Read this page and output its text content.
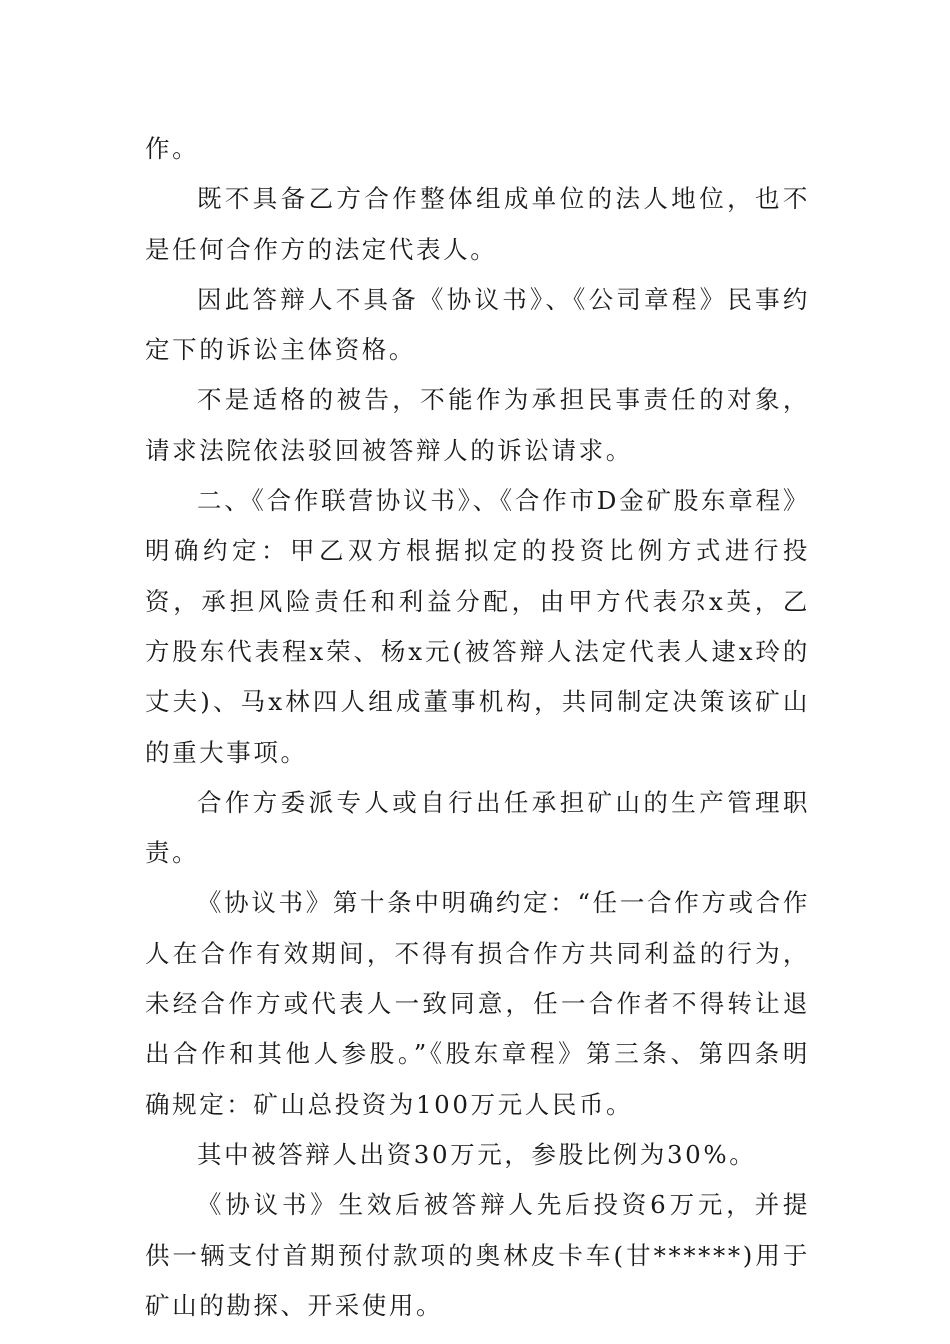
作。

既不具备乙方合作整体组成单位的法人地位，也不是任何合作方的法定代表人。

因此答辩人不具备《协议书》、《公司章程》民事约定下的诉讼主体资格。

不是适格的被告，不能作为承担民事责任的对象，请求法院依法驳回被答辩人的诉讼请求。

二、《合作联营协议书》、《合作市D金矿股东章程》明确约定：甲乙双方根据拟定的投资比例方式进行投资，承担风险责任和利益分配，由甲方代表尕x英，乙方股东代表程x荣、杨x元(被答辩人法定代表人逮x玲的丈夫)、马x林四人组成董事机构，共同制定决策该矿山的重大事项。

合作方委派专人或自行出任承担矿山的生产管理职责。

《协议书》第十条中明确约定：“任一合作方或合作人在合作有效期间，不得有损合作方共同利益的行为，未经合作方或代表人一致同意，任一合作者不得转让退出合作和其他人参股。”《股东章程》第三条、第四条明确规定：矿山总投资为100万元人民币。

其中被答辩人出资30万元，参股比例为30%。

《协议书》生效后被答辩人先后投资6万元，并提供一辆支付首期预付款项的奥林皮卡车(甘******)用于矿山的勘探、开采使用。
